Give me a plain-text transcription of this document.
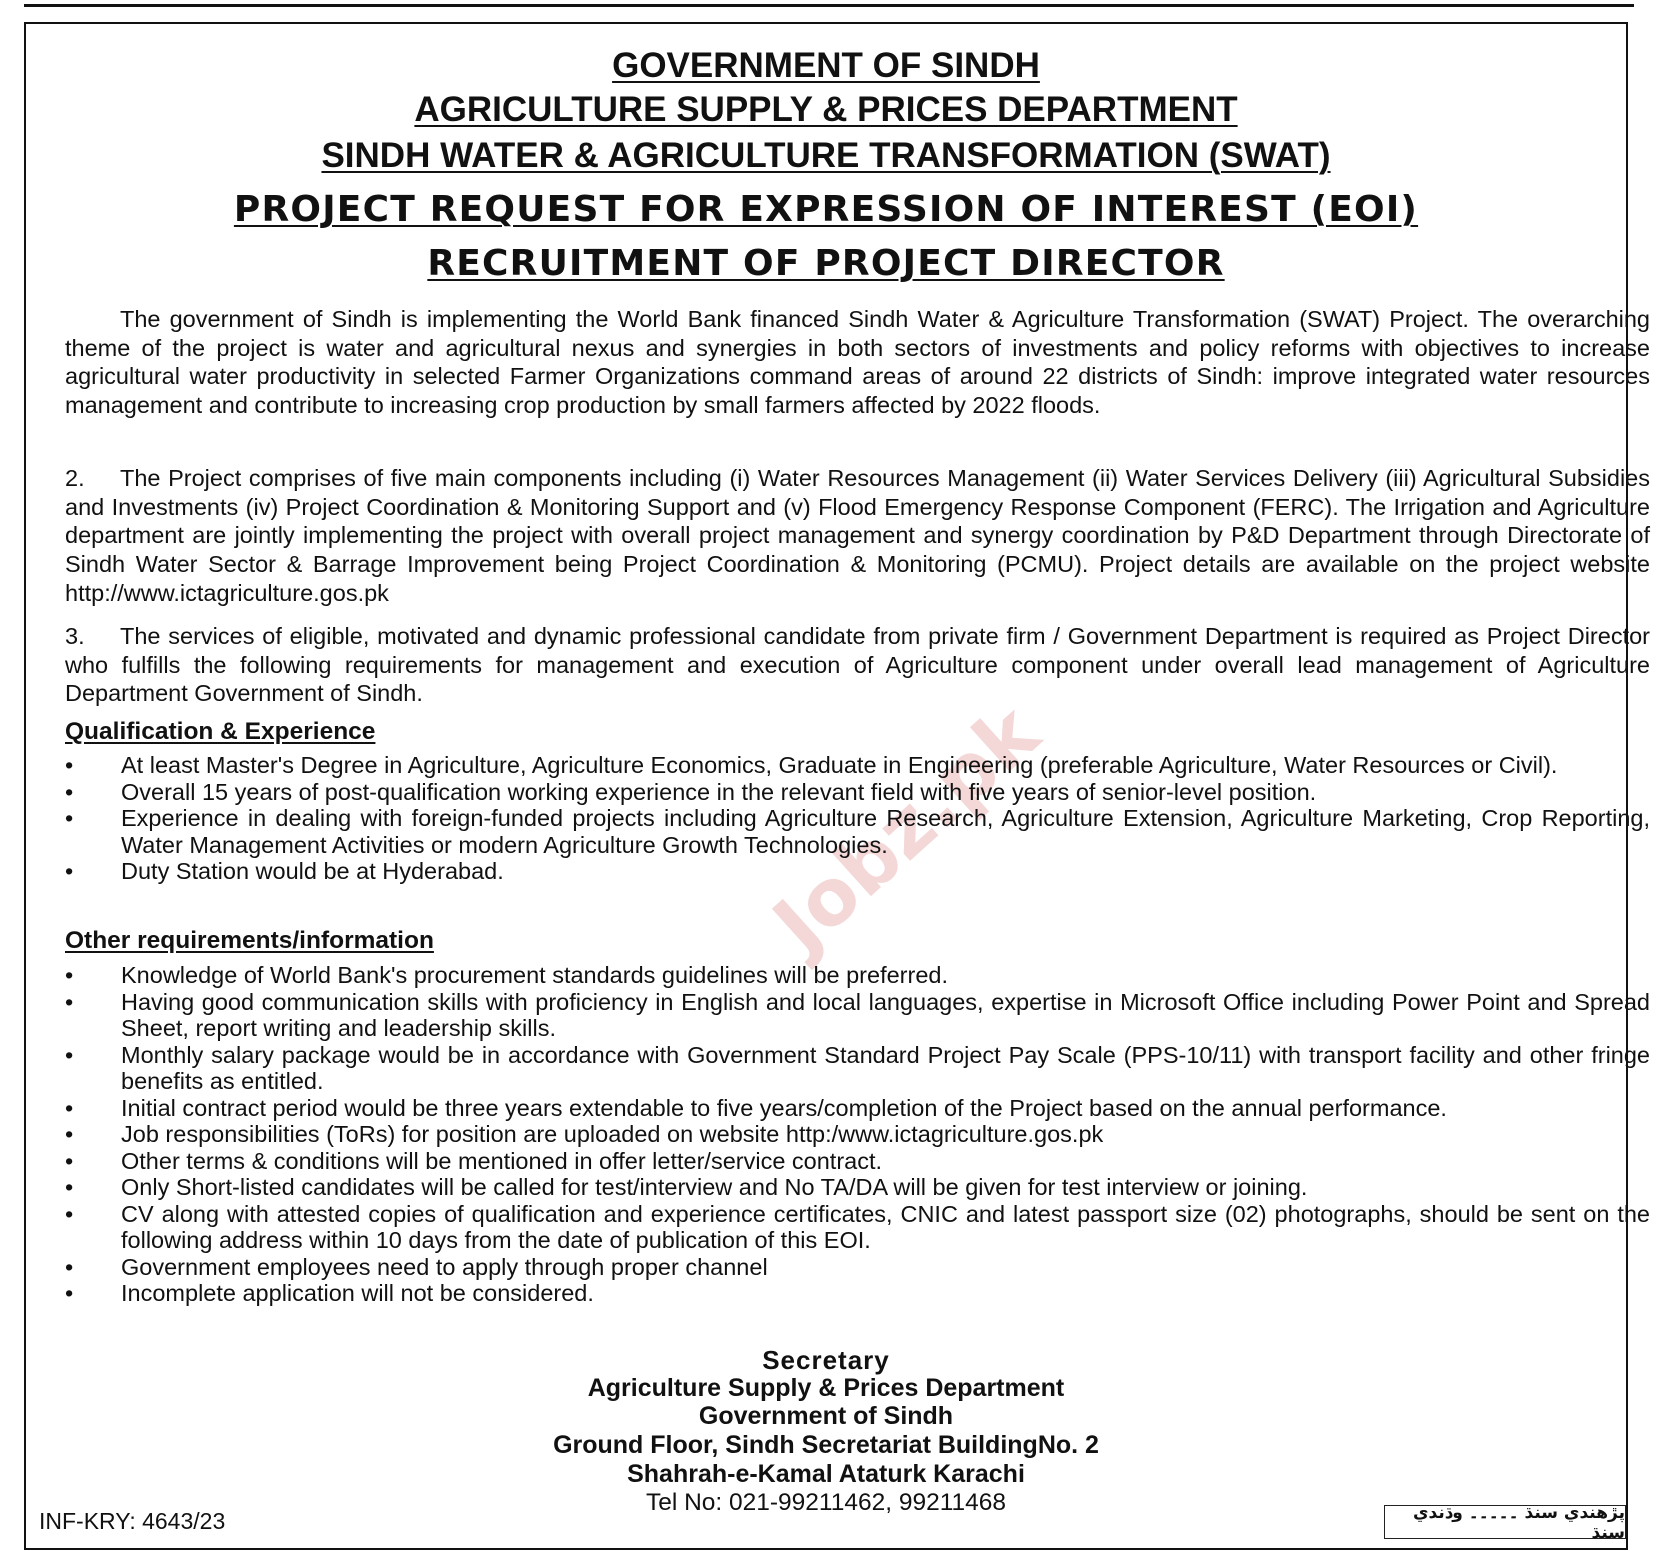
Jobz.pk
GOVERNMENT OF SINDH
AGRICULTURE SUPPLY & PRICES DEPARTMENT
SINDH WATER & AGRICULTURE TRANSFORMATION (SWAT)
PROJECT REQUEST FOR EXPRESSION OF INTEREST (EOI)
RECRUITMENT OF PROJECT DIRECTOR
The government of Sindh is implementing the World Bank financed Sindh Water & Agriculture Transformation (SWAT) Project. The overarching theme of the project is water and agricultural nexus and synergies in both sectors of investments and policy reforms with objectives to increase agricultural water productivity in selected Farmer Organizations command areas of around 22 districts of Sindh: improve integrated water resources management and contribute to increasing crop production by small farmers affected by 2022 floods.
2. The Project comprises of five main components including (i) Water Resources Management (ii) Water Services Delivery (iii) Agricultural Subsidies and Investments (iv) Project Coordination & Monitoring Support and (v) Flood Emergency Response Component (FERC). The Irrigation and Agriculture department are jointly implementing the project with overall project management and synergy coordination by P&D Department through Directorate of Sindh Water Sector & Barrage Improvement being Project Coordination & Monitoring (PCMU). Project details are available on the project website http://www.ictagriculture.gos.pk
3. The services of eligible, motivated and dynamic professional candidate from private firm / Government Department is required as Project Director who fulfills the following requirements for management and execution of Agriculture component under overall lead management of Agriculture Department Government of Sindh.
Qualification & Experience
• At least Master's Degree in Agriculture, Agriculture Economics, Graduate in Engineering (preferable Agriculture, Water Resources or Civil).
• Overall 15 years of post-qualification working experience in the relevant field with five years of senior-level position.
• Experience in dealing with foreign-funded projects including Agriculture Research, Agriculture Extension, Agriculture Marketing, Crop Reporting, Water Management Activities or modern Agriculture Growth Technologies.
• Duty Station would be at Hyderabad.
Other requirements/information
• Knowledge of World Bank's procurement standards guidelines will be preferred.
• Having good communication skills with proficiency in English and local languages, expertise in Microsoft Office including Power Point and Spread Sheet, report writing and leadership skills.
• Monthly salary package would be in accordance with Government Standard Project Pay Scale (PPS-10/11) with transport facility and other fringe benefits as entitled.
• Initial contract period would be three years extendable to five years/completion of the Project based on the annual performance.
• Job responsibilities (ToRs) for position are uploaded on website http:/www.ictagriculture.gos.pk
• Other terms & conditions will be mentioned in offer letter/service contract.
• Only Short-listed candidates will be called for test/interview and No TA/DA will be given for test interview or joining.
• CV along with attested copies of qualification and experience certificates, CNIC and latest passport size (02) photographs, should be sent on the following address within 10 days from the date of publication of this EOI.
• Government employees need to apply through proper channel
• Incomplete application will not be considered.
Secretary
Agriculture Supply & Prices Department
Government of Sindh
Ground Floor, Sindh Secretariat BuildingNo. 2
Shahrah-e-Kamal Ataturk Karachi
Tel No: 021-99211462, 99211468
INF-KRY: 4643/23	پڙهندي سنڌ ۔۔۔۔۔ وڌندي سنڌ
